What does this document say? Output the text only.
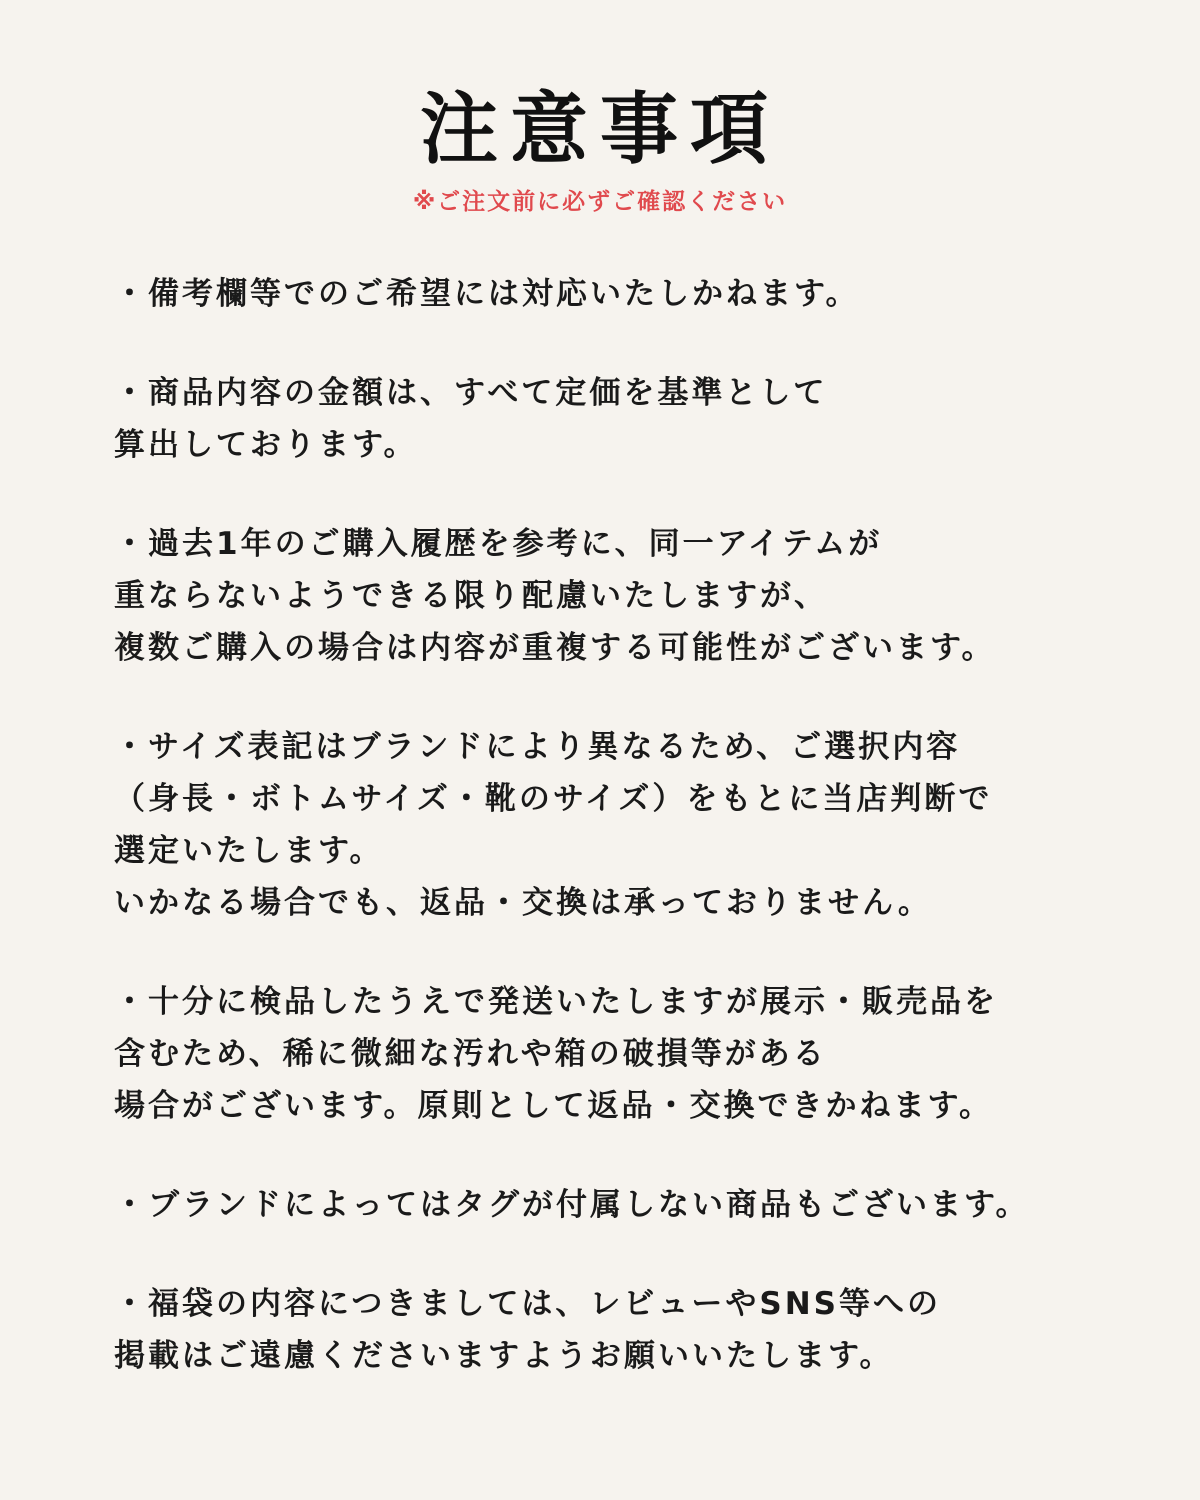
注意事項
※ご注文前に必ずご確認ください
・備考欄等でのご希望には対応いたしかねます。
・商品内容の金額は、すべて定価を基準として
算出しております。
・過去1年のご購入履歴を参考に、同一アイテムが
重ならないようできる限り配慮いたしますが、
複数ご購入の場合は内容が重複する可能性がございます。
・サイズ表記はブランドにより異なるため、ご選択内容
（身長・ボトムサイズ・靴のサイズ）をもとに当店判断で
選定いたします。
いかなる場合でも、返品・交換は承っておりません。
・十分に検品したうえで発送いたしますが展示・販売品を
含むため、稀に微細な汚れや箱の破損等がある
場合がございます。原則として返品・交換できかねます。
・ブランドによってはタグが付属しない商品もございます。
・福袋の内容につきましては、レビューやSNS等への
掲載はご遠慮くださいますようお願いいたします。
